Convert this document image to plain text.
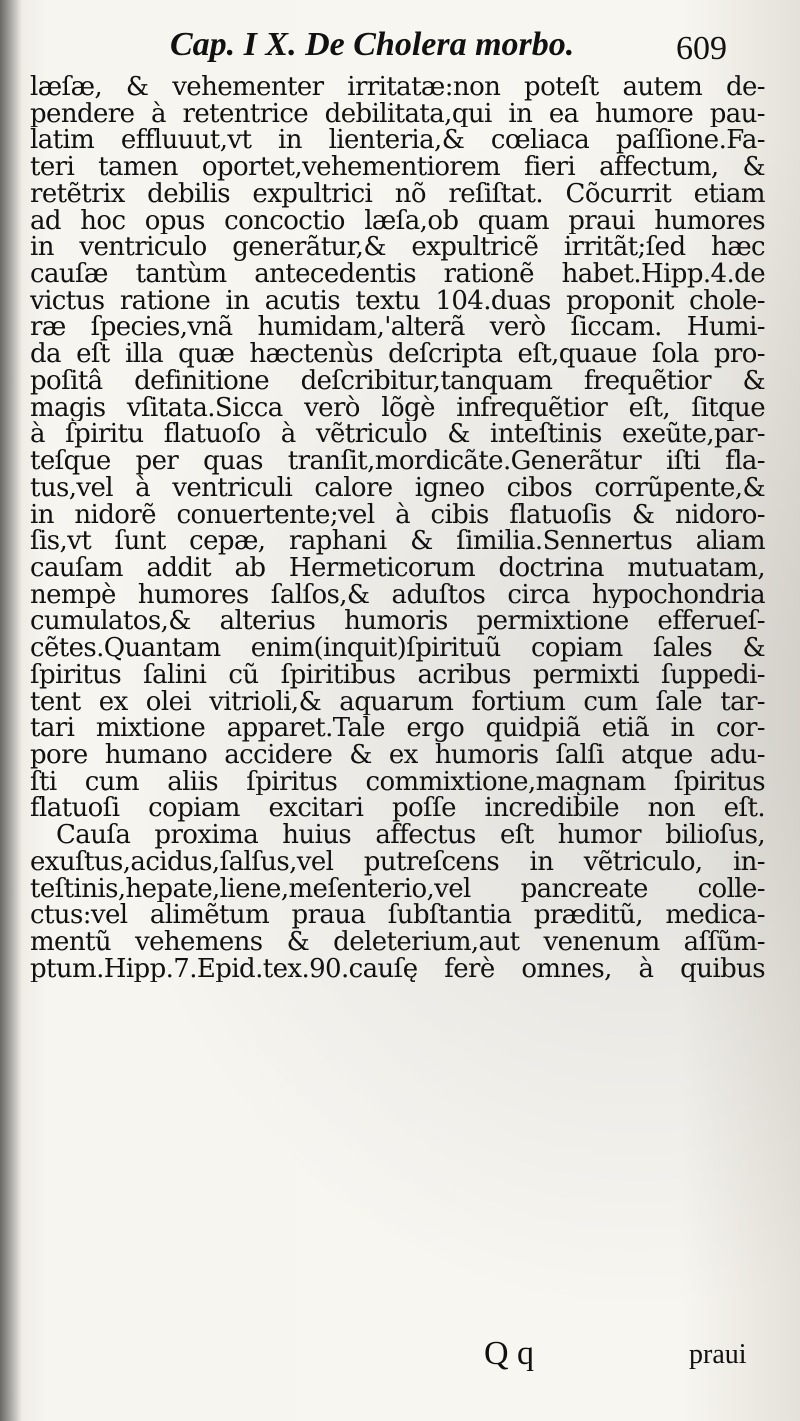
Cap. I X. De Cholera morbo.	609
læſæ, & vehementer irritatæ:non poteſt autem de-
pendere à retentrice debilitata,qui in ea humore pau-
latim effluuut,vt in lienteria,& cœliaca paſſione.Fa-
teri tamen oportet,vehementiorem fieri affectum, &
retẽtrix debilis expultrici nõ reſiſtat. Cõcurrit etiam
ad hoc opus concoctio læſa,ob quam praui humores
in ventriculo generãtur,& expultricẽ irritãt;ſed hæc
cauſæ tantùm antecedentis rationẽ habet.Hipp.4.de
victus ratione in acutis textu 104.duas proponit chole-
ræ ſpecies,vnã humidam,'alterã verò ſiccam. Humi-
da eſt illa quæ hæctenùs deſcripta eſt,quaue ſola pro-
poſitâ definitione deſcribitur,tanquam frequẽtior &
magis vſitata.Sicca verò lõgè infrequẽtior eſt, ſitque
à ſpiritu flatuoſo à vẽtriculo & inteſtinis exeũte,par-
teſque per quas tranſit,mordicãte.Generãtur iſti fla-
tus,vel à ventriculi calore igneo cibos corrũpente,&
in nidorẽ conuertente;vel à cibis flatuoſis & nidoro-
ſis,vt ſunt cepæ, raphani & ſimilia.Sennertus aliam
cauſam addit ab Hermeticorum doctrina mutuatam,
nempè humores ſalſos,& aduſtos circa hypochondria
cumulatos,& alterius humoris permixtione efferueſ-
cẽtes.Quantam enim(inquit)ſpirituũ copiam ſales &
ſpiritus ſalini cũ ſpiritibus acribus permixti ſuppedi-
tent ex olei vitrioli,& aquarum fortium cum ſale tar-
tari mixtione apparet.Tale ergo quidpiã etiã in cor-
pore humano accidere & ex humoris ſalſi atque adu-
ſti cum aliis ſpiritus commixtione,magnam ſpiritus
flatuoſi copiam excitari poſſe incredibile non eſt.
Cauſa proxima huius affectus eſt humor bilioſus,
exuſtus,acidus,ſalſus,vel putreſcens in vẽtriculo, in-
teſtinis,hepate,liene,meſenterio,vel pancreate colle-
ctus:vel alimẽtum praua ſubſtantia præditũ, medica-
mentũ vehemens & deleterium,aut venenum aſſũm-
ptum.Hipp.7.Epid.tex.90.cauſę ferè omnes, à quibus
Q q	praui
